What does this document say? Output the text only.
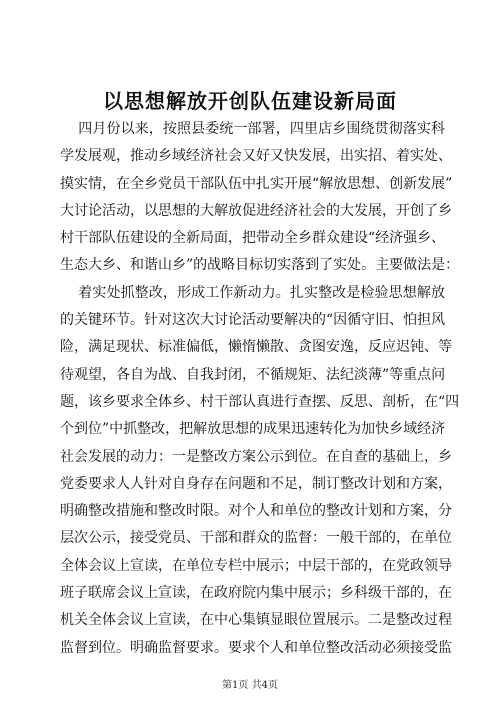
以思想解放开创队伍建设新局面
四月份以来，按照县委统一部署，四里店乡围绕贯彻落实科
学发展观，推动乡域经济社会又好又快发展，出实招、着实处、
摸实情，在全乡党员干部队伍中扎实开展“解放思想、创新发展”
大讨论活动，以思想的大解放促进经济社会的大发展，开创了乡
村干部队伍建设的全新局面，把带动全乡群众建设“经济强乡、
生态大乡、和谐山乡”的战略目标切实落到了实处。主要做法是：
着实处抓整改，形成工作新动力。扎实整改是检验思想解放
的关键环节。针对这次大讨论活动要解决的“因循守旧、怕担风
险，满足现状、标准偏低，懒惰懒散、贪图安逸，反应迟钝、等
待观望，各自为战、自我封闭，不循规矩、法纪淡薄”等重点问
题，该乡要求全体乡、村干部认真进行查摆、反思、剖析，在“四
个到位”中抓整改，把解放思想的成果迅速转化为加快乡域经济
社会发展的动力：一是整改方案公示到位。在自查的基础上，乡
党委要求人人针对自身存在问题和不足，制订整改计划和方案，
明确整改措施和整改时限。对个人和单位的整改计划和方案，分
层次公示，接受党员、干部和群众的监督：一般干部的，在单位
全体会议上宣读，在单位专栏中展示；中层干部的，在党政领导
班子联席会议上宣读，在政府院内集中展示；乡科级干部的，在
机关全体会议上宣读，在中心集镇显眼位置展示。二是整改过程
监督到位。明确监督要求。要求个人和单位整改活动必须接受监
第1页 共4页
